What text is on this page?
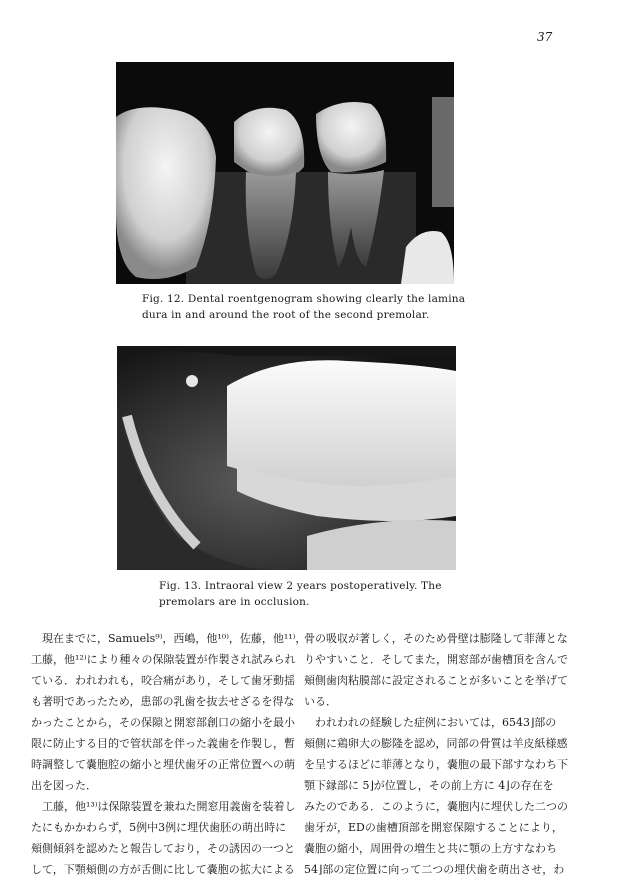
37
Fig. 12. Dental roentgenogram showing clearly the lamina
dura in and around the root of the second premolar.
Fig. 13. Intraoral view 2 years postoperatively. The
premolars are in occlusion.
現在までに，Samuels⁹⁾，西嶋，他¹⁰⁾，佐藤，他¹¹⁾，
工藤，他¹²⁾により種々の保隙装置が作製され試みられ
ている．われわれも，咬合痛があり，そして歯牙動揺
も著明であったため，患部の乳歯を抜去せざるを得な
かったことから，その保隙と開窓部創口の縮小を最小
限に防止する目的で管状部を伴った義歯を作製し，暫
時調整して嚢胞腔の縮小と埋伏歯牙の正常位置への萌
出を図った．
工藤，他¹³⁾は保隙装置を兼ねた開窓用義歯を装着し
たにもかかわらず，5例中3例に埋伏歯胚の萌出時に
頬側傾斜を認めたと報告しており，その誘因の一つと
して，下顎頬側の方が舌側に比して嚢胞の拡大による
骨の吸収が著しく，そのため骨壁は膨隆して菲薄とな
りやすいこと．そしてまた，開窓部が歯槽頂を含んで
頬側歯肉粘膜部に設定されることが多いことを挙げて
いる．
われわれの経験した症例においては，6543⌋部の
頬側に鶏卵大の膨隆を認め，同部の骨質は羊皮紙様感
を呈するほどに菲薄となり，嚢胞の最下部すなわち下
顎下縁部に 5⌋が位置し，その前上方に 4⌋の存在を
みたのである．このように，嚢胞内に埋伏した二つの
歯牙が，EDの歯槽頂部を開窓保隙することにより，
嚢胞の縮小，周囲骨の増生と共に顎の上方すなわち
54⌋部の定位置に向って二つの埋伏歯を萌出させ，わ
